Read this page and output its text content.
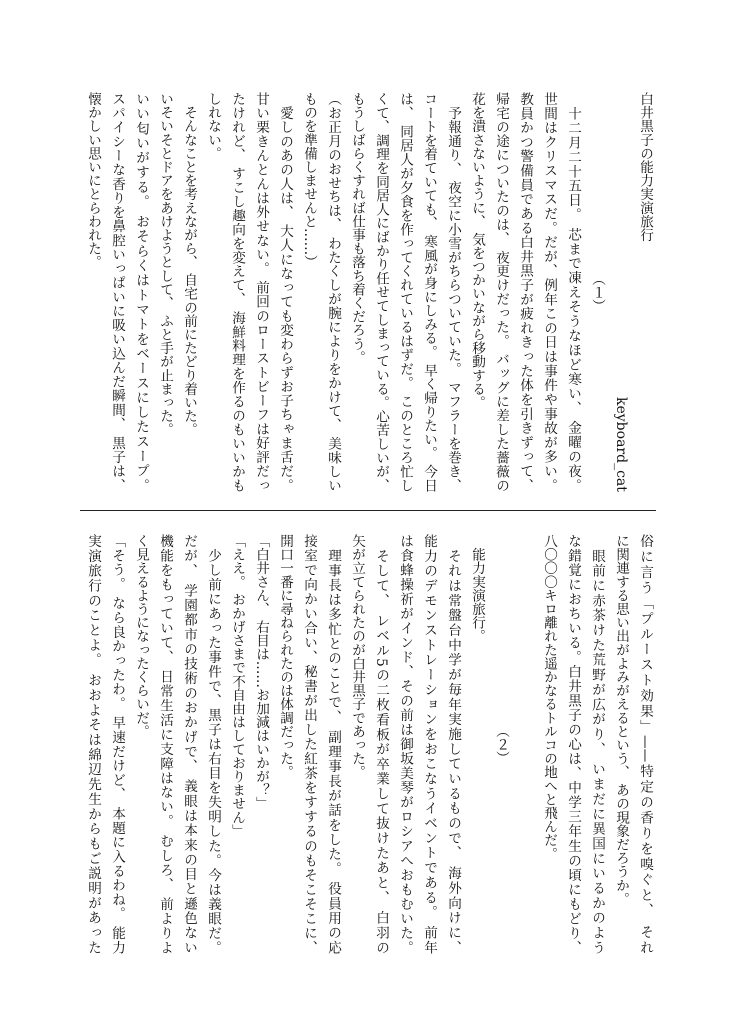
白井黒子の能力実演旅行
keyboard_cat
（１）
　十二月二十五日。 芯まで凍えそうなほど寒い、 金曜の夜。
世間はクリスマスだ。だが、例年この日は事件や事故が多い。
教員かつ警備員である白井黒子が疲れきった体を引きずって、
帰宅の途についたのは、 夜更けだった。 バッグに差した薔薇の
花を潰さないように、 気をつかいながら移動する。
　予報通り、 夜空に小雪がちらついていた。 マフラーを巻き、
コートを着ていても、 寒風が身にしみる。 早く帰りたい。 今日
は、 同居人が夕食を作ってくれているはずだ。 このところ忙し
くて、調理を同居人にばかり任せてしまっている。心苦しいが、
もうしばらくすれば仕事も落ち着くだろう。
（お正月のおせちは、 わたくしが腕によりをかけて、 美味しい
ものを準備しませんと……）
　愛しのあの人は、 大人になっても変わらずお子ちゃま舌だ。
甘い栗きんとんは外せない。 前回のローストビーフは好評だっ
たけれど、 すこし趣向を変えて、 海鮮料理を作るのもいいかも
しれない。
　そんなことを考えながら、 自宅の前にたどり着いた。
いそいそとドアをあけようとして、 ふと手が止まった。
いい匂いがする。 おそらくはトマトをベースにしたスープ。
スパイシーな香りを鼻腔いっぱいに吸い込んだ瞬間、 黒子は、
懐かしい思いにとらわれた。
俗に言う「プルースト効果」——特定の香りを嗅ぐと、 それ
に関連する思い出がよみがえるという、 あの現象だろうか。
　眼前に赤茶けた荒野が広がり、 いまだに異国にいるかのよう
な錯覚におちいる。白井黒子の心は、中学三年生の頃にもどり、
八〇〇〇キロ離れた遥かなるトルコの地へと飛んだ。
（２）
　能力実演旅行。
　それは常盤台中学が毎年実施しているもので、 海外向けに、
能力のデモンストレーションをおこなうイベントである。 前年
は食蜂操祈がインド、その前は御坂美琴がロシアへおもむいた。
　そして、 レベル5の二枚看板が卒業して抜けたあと、 白羽の
矢が立てられたのが白井黒子であった。
　理事長は多忙とのことで、 副理事長が話をした。 役員用の応
接室で向かい合い、秘書が出した紅茶をすするのもそこそこに、
開口一番に尋ねられたのは体調だった。
「白井さん、 右目は……お加減はいかが？」
「ええ。 おかげさまで不自由はしておりません」
　少し前にあった事件で、黒子は右目を失明した。今は義眼だ。
だが、 学園都市の技術のおかげで、 義眼は本来の目と遜色ない
機能をもっていて、 日常生活に支障はない。 むしろ、 前よりよ
く見えるようになったくらいだ。
「そう。 なら良かったわ。 早速だけど、 本題に入るわね。 能力
実演旅行のことよ。 おおよそは綿辺先生からもご説明があった
